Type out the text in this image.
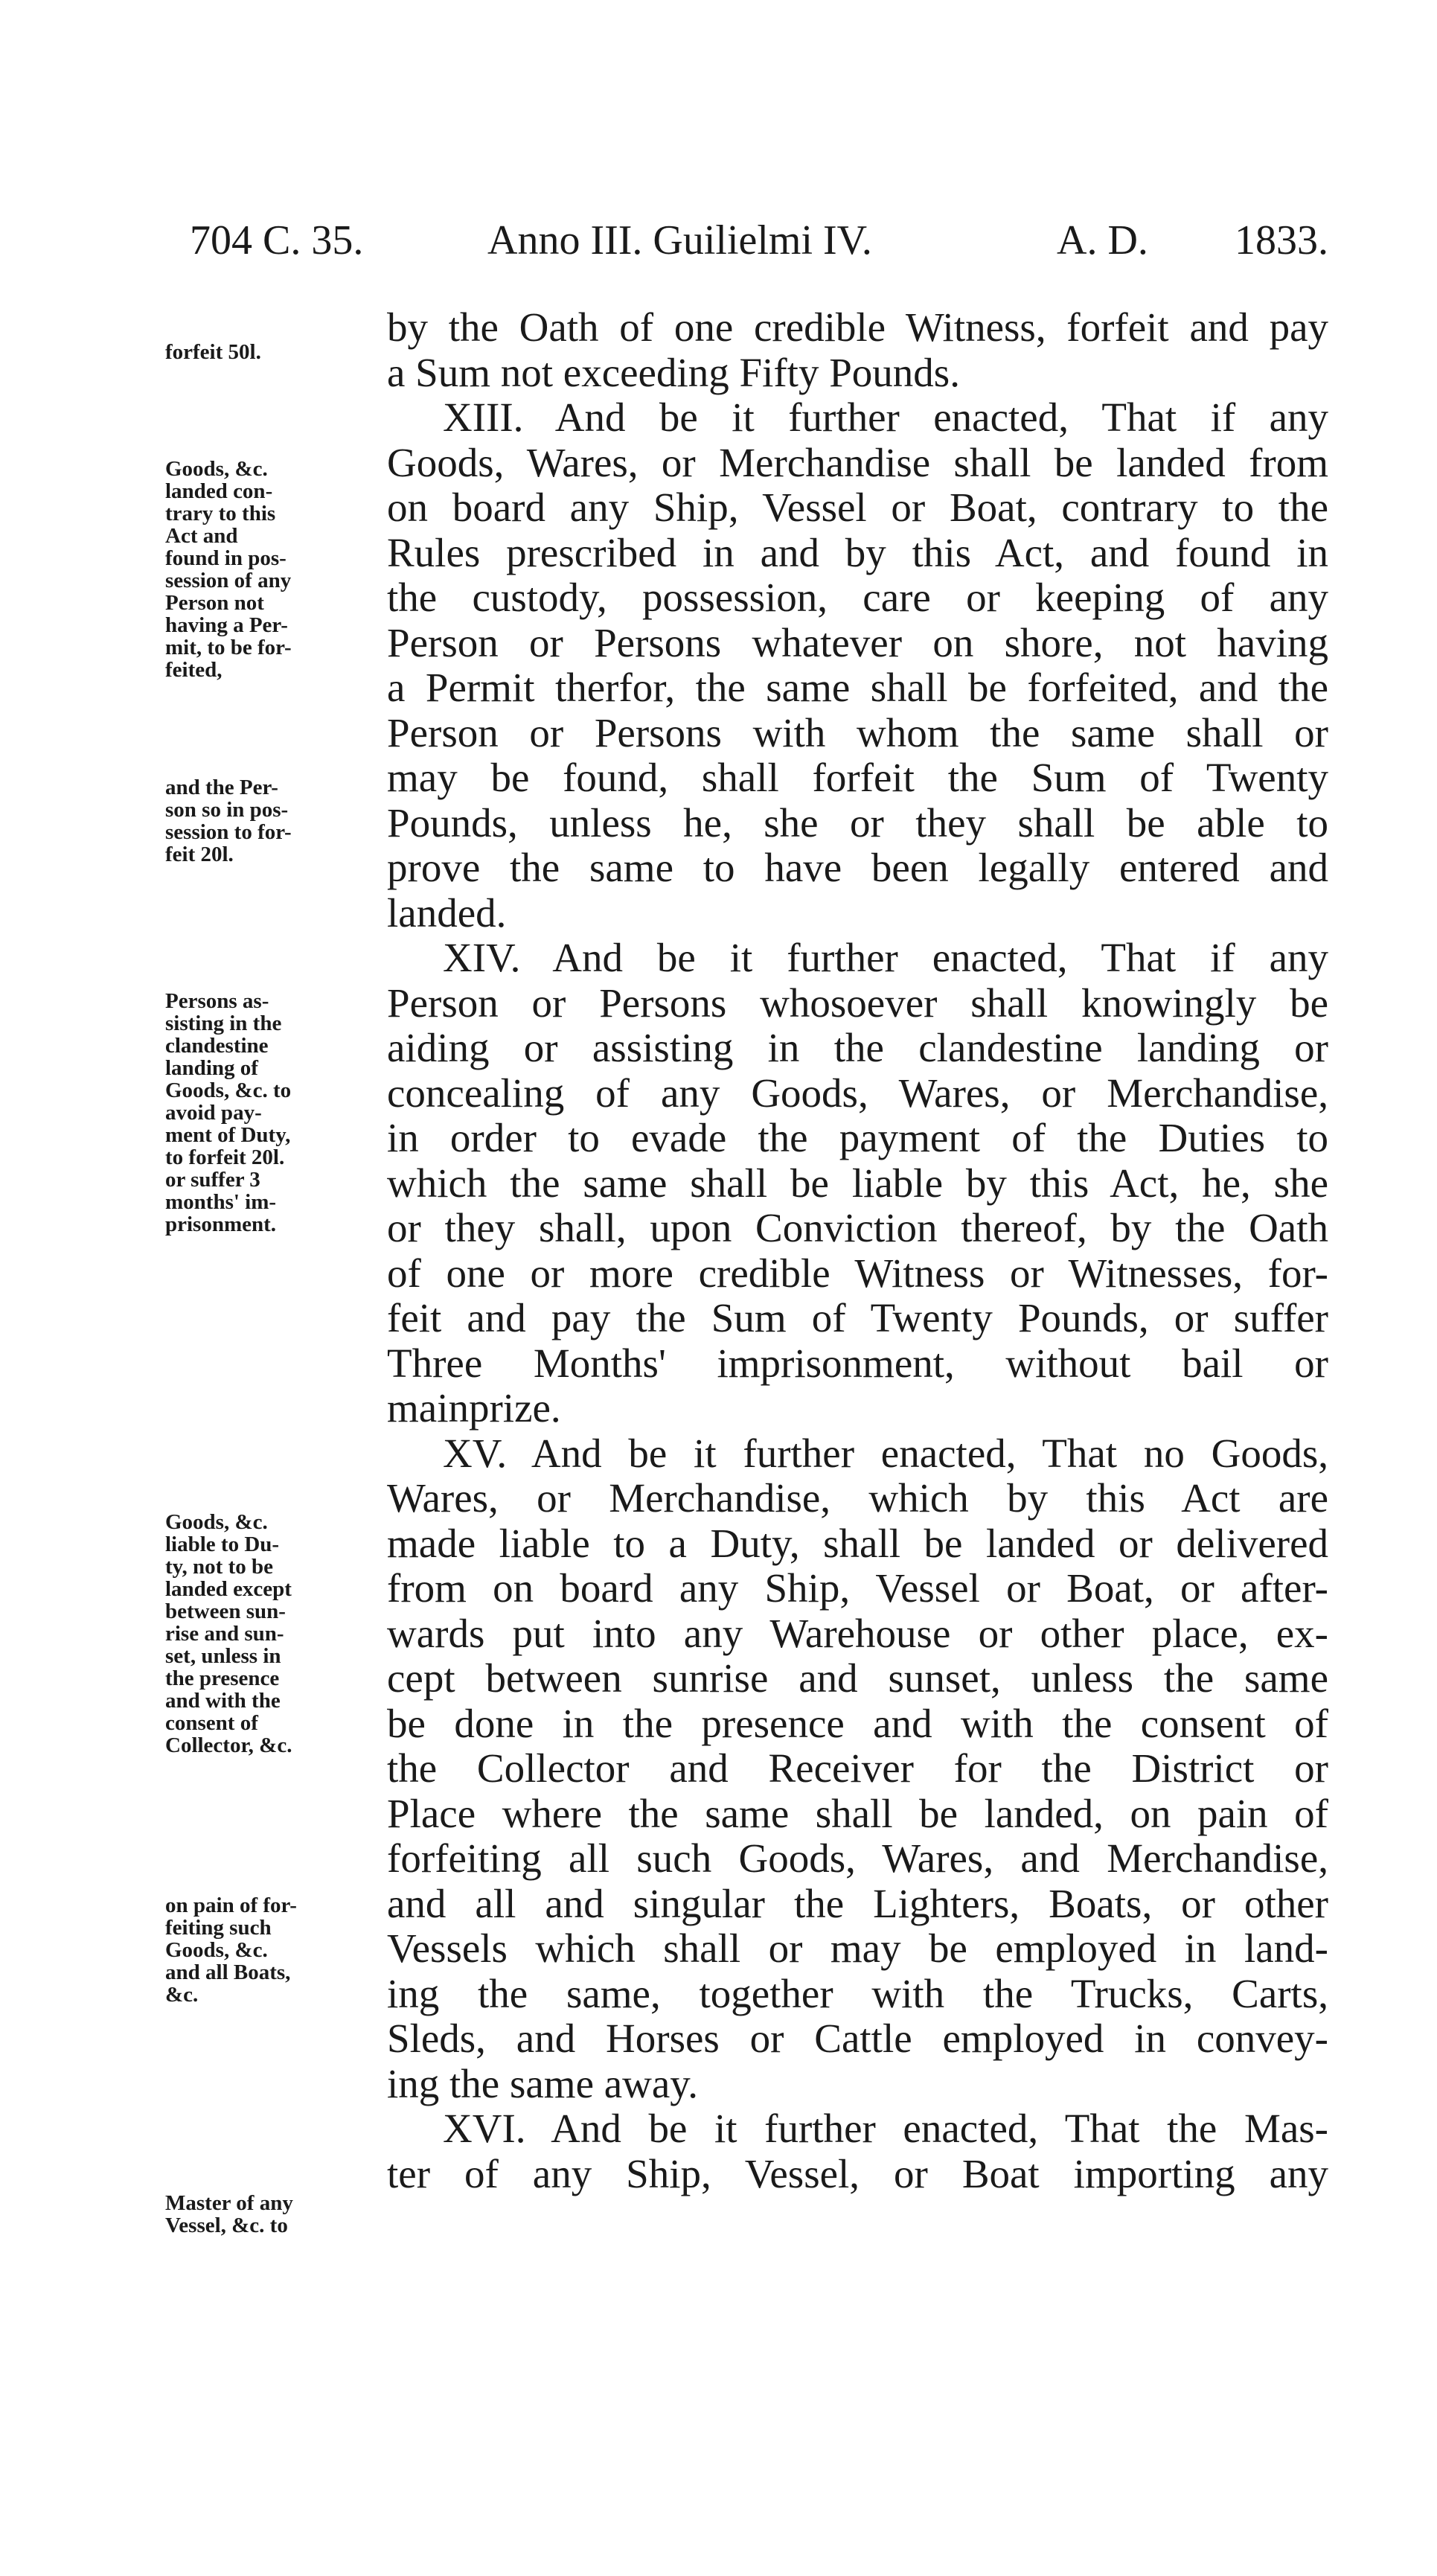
704 C. 35.	Anno III. Guilielmi IV.	A. D. 1833.
forfeit 50l.
Goods, &c.
landed con-
trary to this
Act and
found in pos-
session of any
Person not
having a Per-
mit, to be for-
feited,
and the Per-
son so in pos-
session to for-
feit 20l.
Persons as-
sisting in the
clandestine
landing of
Goods, &c. to
avoid pay-
ment of Duty,
to forfeit 20l.
or suffer 3
months' im-
prisonment.
Goods, &c.
liable to Du-
ty, not to be
landed except
between sun-
rise and sun-
set, unless in
the presence
and with the
consent of
Collector, &c.
on pain of for-
feiting such
Goods, &c.
and all Boats,
&c.
Master of any
Vessel, &c. to
by the Oath of one credible Witness, forfeit and pay
a Sum not exceeding Fifty Pounds.
XIII. And be it further enacted, That if any
Goods, Wares, or Merchandise shall be landed from
on board any Ship, Vessel or Boat, contrary to the
Rules prescribed in and by this Act, and found in
the custody, possession, care or keeping of any
Person or Persons whatever on shore, not having
a Permit therfor, the same shall be forfeited, and the
Person or Persons with whom the same shall or
may be found, shall forfeit the Sum of Twenty
Pounds, unless he, she or they shall be able to
prove the same to have been legally entered and
landed.
XIV. And be it further enacted, That if any
Person or Persons whosoever shall knowingly be
aiding or assisting in the clandestine landing or
concealing of any Goods, Wares, or Merchandise,
in order to evade the payment of the Duties to
which the same shall be liable by this Act, he, she
or they shall, upon Conviction thereof, by the Oath
of one or more credible Witness or Witnesses, for-
feit and pay the Sum of Twenty Pounds, or suffer
Three Months' imprisonment, without bail or
mainprize.
XV. And be it further enacted, That no Goods,
Wares, or Merchandise, which by this Act are
made liable to a Duty, shall be landed or delivered
from on board any Ship, Vessel or Boat, or after-
wards put into any Warehouse or other place, ex-
cept between sunrise and sunset, unless the same
be done in the presence and with the consent of
the Collector and Receiver for the District or
Place where the same shall be landed, on pain of
forfeiting all such Goods, Wares, and Merchandise,
and all and singular the Lighters, Boats, or other
Vessels which shall or may be employed in land-
ing the same, together with the Trucks, Carts,
Sleds, and Horses or Cattle employed in convey-
ing the same away.
XVI. And be it further enacted, That the Mas-
ter of any Ship, Vessel, or Boat importing any
